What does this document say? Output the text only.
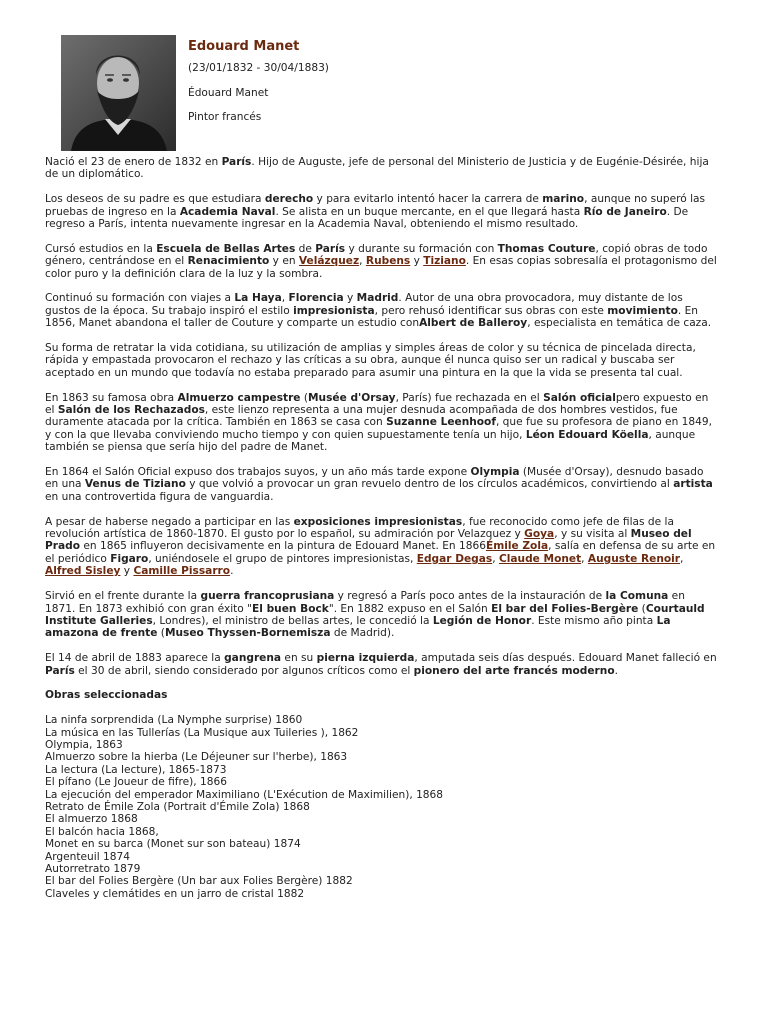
Edouard Manet

(23/01/1832 - 30/04/1883)

Édouard Manet

Pintor francés

Nació el 23 de enero de 1832 en París. Hijo de Auguste, jefe de personal del Ministerio de Justicia y de Eugénie-Désirée, hija de un diplomático.

Los deseos de su padre es que estudiara derecho y para evitarlo intentó hacer la carrera de marino, aunque no superó las pruebas de ingreso en la Academia Naval. Se alista en un buque mercante, en el que llegará hasta Río de Janeiro. De regreso a París, intenta nuevamente ingresar en la Academia Naval, obteniendo el mismo resultado.

Cursó estudios en la Escuela de Bellas Artes de París y durante su formación con Thomas Couture, copió obras de todo género, centrándose en el Renacimiento y en Velázquez, Rubens y Tiziano. En esas copias sobresalía el protagonismo del color puro y la definición clara de la luz y la sombra.

Continuó su formación con viajes a La Haya, Florencia y Madrid. Autor de una obra provocadora, muy distante de los gustos de la época. Su trabajo inspiró el estilo impresionista, pero rehusó identificar sus obras con este movimiento. En 1856, Manet abandona el taller de Couture y comparte un estudio conAlbert de Balleroy, especialista en temática de caza.

Su forma de retratar la vida cotidiana, su utilización de amplias y simples áreas de color y su técnica de pincelada directa, rápida y empastada provocaron el rechazo y las críticas a su obra, aunque él nunca quiso ser un radical y buscaba ser aceptado en un mundo que todavía no estaba preparado para asumir una pintura en la que la vida se presenta tal cual.

En 1863 su famosa obra Almuerzo campestre (Musée d'Orsay, París) fue rechazada en el Salón oficialpero expuesto en el Salón de los Rechazados, este lienzo representa a una mujer desnuda acompañada de dos hombres vestidos, fue duramente atacada por la crítica. También en 1863 se casa con Suzanne Leenhoof, que fue su profesora de piano en 1849, y con la que llevaba conviviendo mucho tiempo y con quien supuestamente tenía un hijo, Léon Edouard Köella, aunque también se piensa que sería hijo del padre de Manet.

En 1864 el Salón Oficial expuso dos trabajos suyos, y un año más tarde expone Olympia (Musée d'Orsay), desnudo basado en una Venus de Tiziano y que volvió a provocar un gran revuelo dentro de los círculos académicos, convirtiendo al artista en una controvertida figura de vanguardia.

A pesar de haberse negado a participar en las exposiciones impresionistas, fue reconocido como jefe de filas de la revolución artística de 1860-1870. El gusto por lo español, su admiración por Velazquez y Goya, y su visita al Museo del Prado en 1865 influyeron decisivamente en la pintura de Edouard Manet. En 1866Émile Zola, salía en defensa de su arte en el periódico Figaro, uniéndosele el grupo de pintores impresionistas, Edgar Degas, Claude Monet, Auguste Renoir, Alfred Sisley y Camille Pissarro.

Sirvió en el frente durante la guerra francoprusiana y regresó a París poco antes de la instauración de la Comuna en 1871. En 1873 exhibió con gran éxito "El buen Bock". En 1882 expuso en el Salón El bar del Folies-Bergère (Courtauld Institute Galleries, Londres), el ministro de bellas artes, le concedió la Legión de Honor. Este mismo año pinta La amazona de frente (Museo Thyssen-Bornemisza de Madrid).

El 14 de abril de 1883 aparece la gangrena en su pierna izquierda, amputada seis días después. Edouard Manet falleció en París el 30 de abril, siendo considerado por algunos críticos como el pionero del arte francés moderno.

Obras seleccionadas

La ninfa sorprendida (La Nymphe surprise) 1860
La música en las Tullerías (La Musique aux Tuileries ), 1862
Olympia, 1863
Almuerzo sobre la hierba (Le Déjeuner sur l'herbe), 1863
La lectura (La lecture), 1865-1873
El pífano (Le Joueur de fifre), 1866
La ejecución del emperador Maximiliano (L'Exécution de Maximilien), 1868
Retrato de Émile Zola (Portrait d'Émile Zola) 1868
El almuerzo 1868
El balcón hacia 1868,
Monet en su barca (Monet sur son bateau) 1874
Argenteuil 1874
Autorretrato 1879
El bar del Folies Bergère (Un bar aux Folies Bergère) 1882
Claveles y clemátides en un jarro de cristal 1882
